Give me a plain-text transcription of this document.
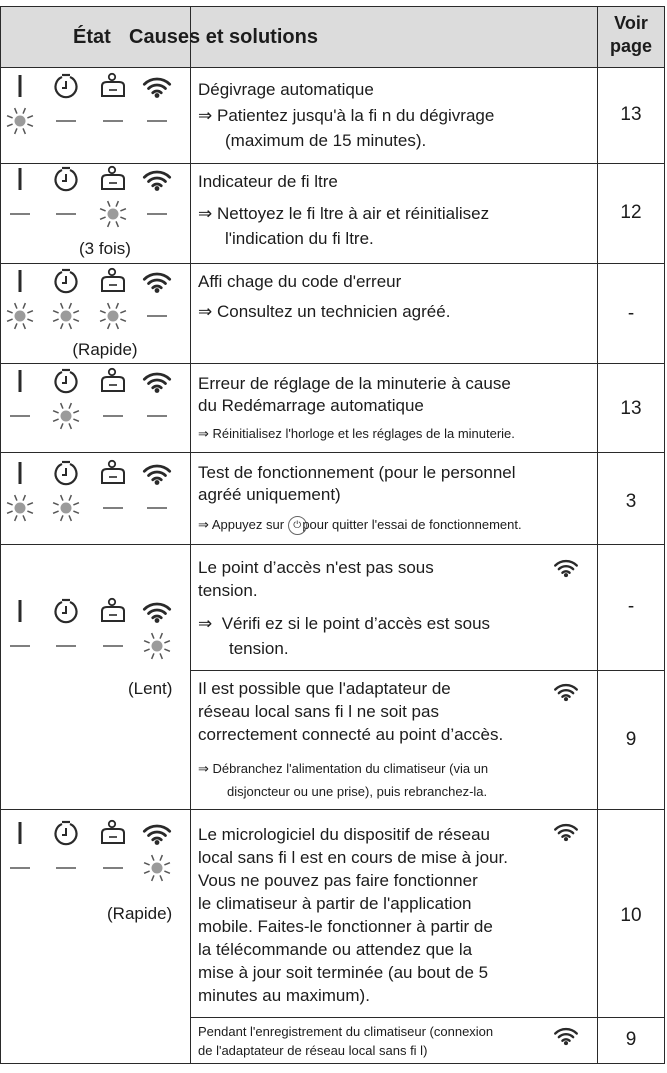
État Causes et solutions
Voir
page
Dégivrage automatique
⇒ Patientez jusqu'à la fi n du dégivrage
(maximum de 15 minutes).
13
(3 fois)
Indicateur de fi ltre
⇒ Nettoyez le fi ltre à air et réinitialisez
l'indication du fi ltre.
12
(Rapide)
Affi chage du code d'erreur
⇒ Consultez un technicien agréé.	-
Erreur de réglage de la minuterie à cause
du Redémarrage automatique
⇒ Réinitialisez l'horloge et les réglages de la minuterie.
13
Test de fonctionnement (pour le personnel
agréé uniquement)
⇒ Appuyez sur ⏻ pour quitter l'essai de fonctionnement.
3
(Lent)
Le point d’accès n'est pas sous
tension.
⇒ Vérifi ez si le point d’accès est sous
tension.
-
Il est possible que l'adaptateur de
réseau local sans fi l ne soit pas
correctement connecté au point d’accès.
⇒ Débranchez l'alimentation du climatiseur (via un
disjoncteur ou une prise), puis rebranchez-la.
9
(Rapide)
Le micrologiciel du dispositif de réseau
local sans fi l est en cours de mise à jour.
Vous ne pouvez pas faire fonctionner
le climatiseur à partir de l'application
mobile. Faites-le fonctionner à partir de
la télécommande ou attendez que la
mise à jour soit terminée (au bout de 5
minutes au maximum).
10
Pendant l'enregistrement du climatiseur (connexion
de l'adaptateur de réseau local sans fi l)
9
